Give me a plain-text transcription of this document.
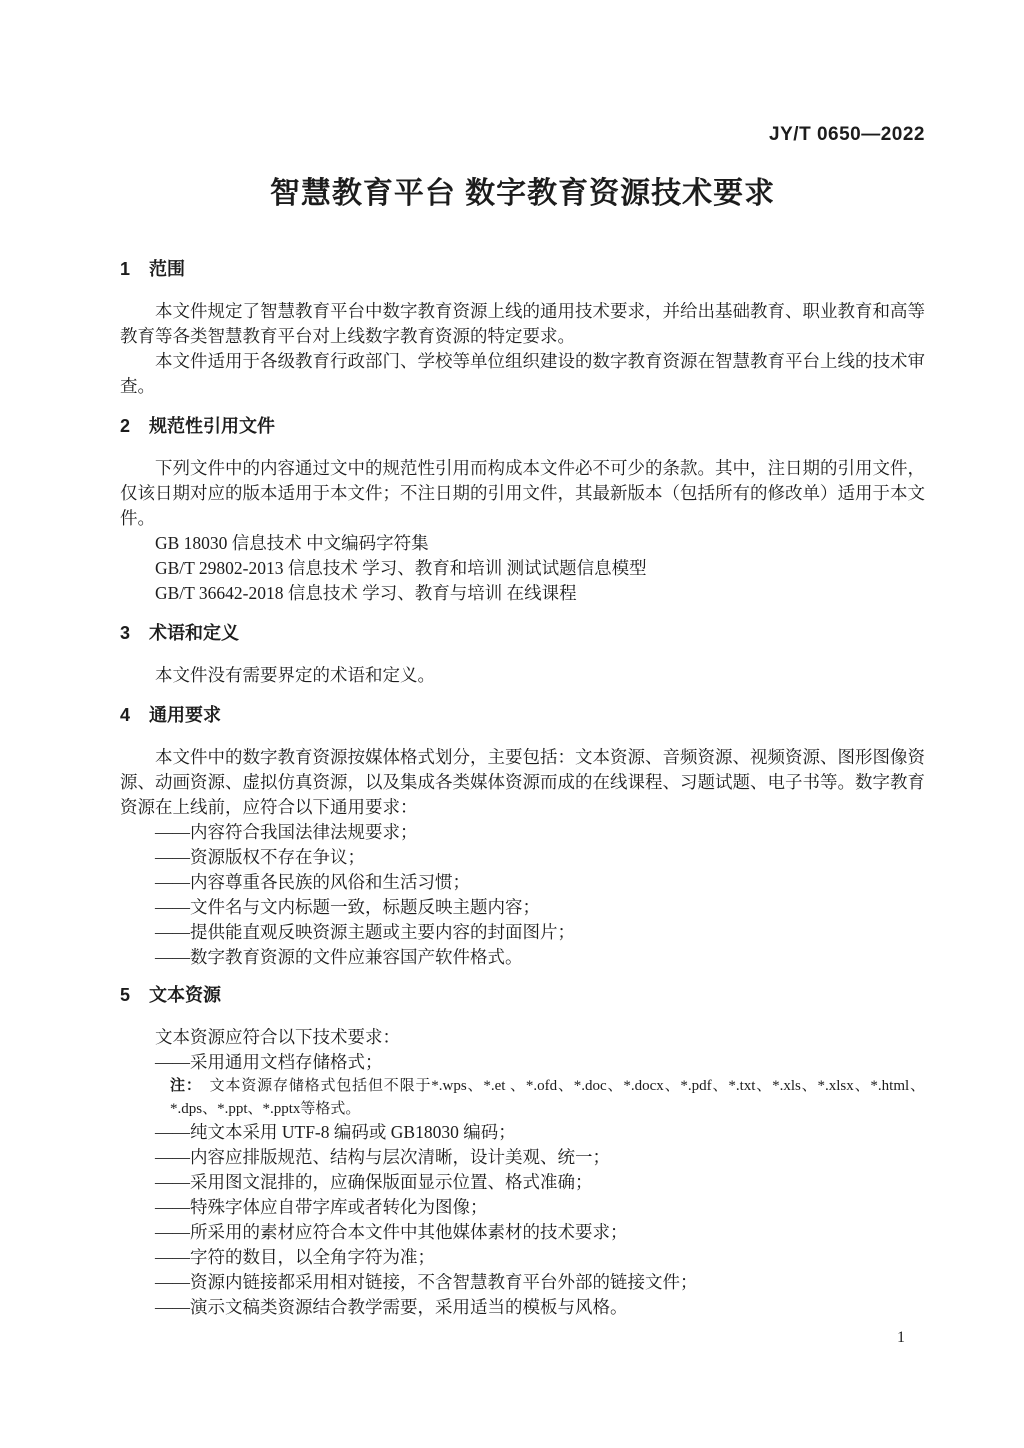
JY/T 0650—2022
智慧教育平台 数字教育资源技术要求
1 范围

本文件规定了智慧教育平台中数字教育资源上线的通用技术要求，并给出基础教育、职业教育和高等教育等各类智慧教育平台对上线数字教育资源的特定要求。

本文件适用于各级教育行政部门、学校等单位组织建设的数字教育资源在智慧教育平台上线的技术审查。

2 规范性引用文件

下列文件中的内容通过文中的规范性引用而构成本文件必不可少的条款。其中，注日期的引用文件，仅该日期对应的版本适用于本文件；不注日期的引用文件，其最新版本（包括所有的修改单）适用于本文件。

GB 18030 信息技术 中文编码字符集

GB/T 29802-2013 信息技术 学习、教育和培训 测试试题信息模型

GB/T 36642-2018 信息技术 学习、教育与培训 在线课程

3 术语和定义

本文件没有需要界定的术语和定义。

4 通用要求

本文件中的数字教育资源按媒体格式划分，主要包括：文本资源、音频资源、视频资源、图形图像资源、动画资源、虚拟仿真资源，以及集成各类媒体资源而成的在线课程、习题试题、电子书等。数字教育资源在上线前，应符合以下通用要求：

——内容符合我国法律法规要求；

——资源版权不存在争议；

——内容尊重各民族的风俗和生活习惯；

——文件名与文内标题一致，标题反映主题内容；

——提供能直观反映资源主题或主要内容的封面图片；

——数字教育资源的文件应兼容国产软件格式。

5 文本资源

文本资源应符合以下技术要求：

——采用通用文档存储格式；

注： 文本资源存储格式包括但不限于*.wps、*.et 、*.ofd、*.doc、*.docx、*.pdf、*.txt、*.xls、*.xlsx、*.html、*.dps、*.ppt、*.pptx等格式。

——纯文本采用 UTF-8 编码或 GB18030 编码；

——内容应排版规范、结构与层次清晰，设计美观、统一；

——采用图文混排的，应确保版面显示位置、格式准确；

——特殊字体应自带字库或者转化为图像；

——所采用的素材应符合本文件中其他媒体素材的技术要求；

——字符的数目，以全角字符为准；

——资源内链接都采用相对链接，不含智慧教育平台外部的链接文件；

——演示文稿类资源结合教学需要，采用适当的模板与风格。

1
